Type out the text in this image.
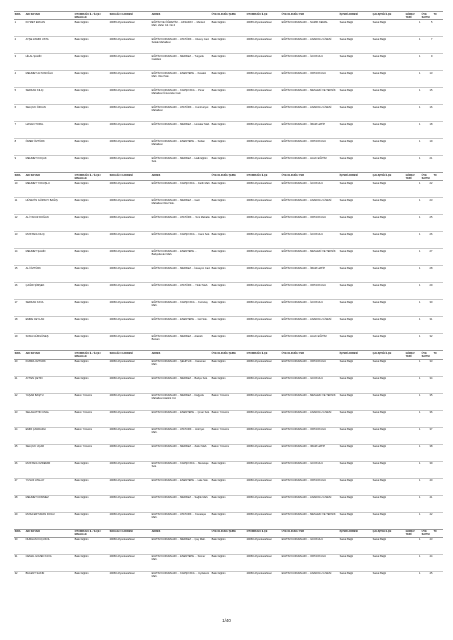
SIRA	ADI SOYADI	OTURDUĞU İL / İLÇE / MAHALLE	SOKAĞI / CADDESİ	ADRES	ÜYE OLDUĞU ŞUBE	OTURDUĞU İLÇE	ÜYE OLDUĞU YER	İŞYERİ ADRESİ	ÇALIŞTIĞI İLÇE	GÖREV YERİ	ÜYE SAYISI	TC
1	KIYMET ERCAN	Bakır Eğitim	29065 Afyonkarahisar	EĞİTİM VE ÖĞRETİM ... AKSARAY ... Merkez Mah. Zafer Cd. No:4	Bakır Eğitim	29065 Afyonkarahisar	EĞİTİM KURUMLARI ... NAMIK KEMAL	Sanat Bağlı	Sanat Bağlı	1	5	
2	AYŞE ZAMIR USTA	Bakır Eğitim	29066 Afyonkarahisar	EĞİTİM KURUMLARI ... ATATÜRK ... Ulusoy Cad. Sokak Mahallesi	Bakır Eğitim	29066 Afyonkarahisar	EĞİTİM KURUMLARI ... ANADOLU LİSESİ	Sanat Bağlı	Sanat Bağlı	1	7	
3	HİLAL ŞAHİN	Bakır Eğitim	29066 Afyonkarahisar	EĞİTİM KURUMLARI ... MERKEZ ... Turgutlu Caddesi	Bakır Eğitim	29066 Afyonkarahisar	EĞİTİM KURUMLARI ... İLKOKULU	Sanat Bağlı	Sanat Bağlı	1	9	
4	MEHMET ALTUNOĞLU	Bakır Eğitim	29066 Afyonkarahisar	EĞİTİM KURUMLARI ... ESENTEPE ... Kavaklı Mah. Okul Sok.	Bakır Eğitim	29066 Afyonkarahisar	EĞİTİM KURUMLARI ... ORTAOKULU	Sanat Bağlı	Sanat Bağlı	1	13	
5	SERKAN KILIÇ	Bakır Eğitim	29066 Afyonkarahisar	EĞİTİM KURUMLARI ... KARŞIYAKA ... Pınar Mahallesi Üniversite Cad.	Bakır Eğitim	29066 Afyonkarahisar	EĞİTİM KURUMLARI ... MESLEKİ VE TEKNİK	Sanat Bağlı	Sanat Bağlı	1	15	
6	SELÇUK ÖZCAN	Bakır Eğitim	29066 Afyonkarahisar	EĞİTİM KURUMLARI ... ATATÜRK ... Cumhuriyet Mahallesi	Bakır Eğitim	29066 Afyonkarahisar	EĞİTİM KURUMLARI ... ANADOLU LİSESİ	Sanat Bağlı	Sanat Bağlı	1	16	
7	HASAN TOPAL	Bakır Eğitim	29066 Afyonkarahisar	EĞİTİM KURUMLARI ... MERKEZ ... Hocalar Mah.	Bakır Eğitim	29066 Afyonkarahisar	EĞİTİM KURUMLARI ... İMAM HATİP	Sanat Bağlı	Sanat Bağlı	1	18	
8	ÖMER ÖZTÜRK	Bakır Eğitim	29066 Afyonkarahisar	EĞİTİM KURUMLARI ... ESENTEPE ... Sultan Mahallesi	Bakır Eğitim	29066 Afyonkarahisar	EĞİTİM KURUMLARI ... ORTAOKULU	Sanat Bağlı	Sanat Bağlı	1	19	
9	MEHMET KOÇAK	Bakır Eğitim	29066 Afyonkarahisar	EĞİTİM KURUMLARI ... MERKEZ ... Halk Eğitim Sok.	Bakır Eğitim	29066 Afyonkarahisar	EĞİTİM KURUMLARI ... HALK EĞİTİM	Sanat Bağlı	Sanat Bağlı	1	21	
SIRA	ADI SOYADI	OTURDUĞU İL / İLÇE / MAHALLE	SOKAĞI / CADDESİ	ADRES	ÜYE OLDUĞU ŞUBE	OTURDUĞU İLÇE	ÜYE OLDUĞU YER	İŞYERİ ADRESİ	ÇALIŞTIĞI İLÇE	GÖREV YERİ	ÜYE SAYISI	TC
10	MEHMET YOKUŞLU	Bakır Eğitim	29066 Afyonkarahisar	EĞİTİM KURUMLARI ... KARŞIYAKA ... Fatih Mah.	Bakır Eğitim	29066 Afyonkarahisar	EĞİTİM KURUMLARI ... İLKOKULU	Sanat Bağlı	Sanat Bağlı	1	22	
11	HÜSEYİN GÜRSOY BAĞIŞ	Bakır Eğitim	29066 Afyonkarahisar	EĞİTİM KURUMLARI ... MERKEZ ... Gazi Mahallesi Okul Sok.	Bakır Eğitim	29066 Afyonkarahisar	EĞİTİM KURUMLARI ... ANADOLU LİSESİ	Sanat Bağlı	Sanat Bağlı	1	23	
12	ALİ YAVUZ DOĞAN	Bakır Eğitim	29066 Afyonkarahisar	EĞİTİM KURUMLARI ... ATATÜRK ... Yeni Mahalle	Bakır Eğitim	29066 Afyonkarahisar	EĞİTİM KURUMLARI ... ORTAOKULU	Sanat Bağlı	Sanat Bağlı	1	25	
13	MUSTAFA KILIÇ	Bakır Eğitim	29066 Afyonkarahisar	EĞİTİM KURUMLARI ... KARŞIYAKA ... Cami Sok.	Bakır Eğitim	29066 Afyonkarahisar	EĞİTİM KURUMLARI ... İLKOKULU	Sanat Bağlı	Sanat Bağlı	1	26	
14	MEHMET ŞAHİN	Bakır Eğitim	29066 Afyonkarahisar	EĞİTİM KURUMLARI ... ESENTEPE ... Bahçelievler Mah.	Bakır Eğitim	29066 Afyonkarahisar	EĞİTİM KURUMLARI ... MESLEKİ VE TEKNİK	Sanat Bağlı	Sanat Bağlı	1	27	
15	ALİ ÖZTÜRK	Bakır Eğitim	29066 Afyonkarahisar	EĞİTİM KURUMLARI ... MERKEZ ... İstasyon Cad.	Bakır Eğitim	29066 Afyonkarahisar	EĞİTİM KURUMLARI ... İMAM HATİP	Sanat Bağlı	Sanat Bağlı	1	28	
16	ÇAĞRI ŞİMŞEK	Bakır Eğitim	29066 Afyonkarahisar	EĞİTİM KURUMLARI ... ATATÜRK ... Yıldız Mah.	Bakır Eğitim	29066 Afyonkarahisar	EĞİTİM KURUMLARI ... ORTAOKULU	Sanat Bağlı	Sanat Bağlı	1	29	
17	SERKAN KAYA	Bakır Eğitim	29066 Afyonkarahisar	EĞİTİM KURUMLARI ... KARŞIYAKA ... Kurtuluş Mah.	Bakır Eğitim	29066 Afyonkarahisar	EĞİTİM KURUMLARI ... İLKOKULU	Sanat Bağlı	Sanat Bağlı	1	30	
18	EMRE CEYLAN	Bakır Eğitim	29066 Afyonkarahisar	EĞİTİM KURUMLARI ... ESENTEPE ... Gül Sok.	Bakır Eğitim	29066 Afyonkarahisar	EĞİTİM KURUMLARI ... ANADOLU LİSESİ	Sanat Bağlı	Sanat Bağlı	1	31	
19	SONA GÜRGÜNEŞ	Bakır Eğitim	29066 Afyonkarahisar	EĞİTİM KURUMLARI ... MERKEZ ... Atatürk Bulvarı	Bakır Eğitim	29066 Afyonkarahisar	EĞİTİM KURUMLARI ... HALK EĞİTİM	Sanat Bağlı	Sanat Bağlı	1	32	
SIRA	ADI SOYADI	OTURDUĞU İL / İLÇE / MAHALLE	SOKAĞI / CADDESİ	ADRES	ÜYE OLDUĞU ŞUBE	OTURDUĞU İLÇE	ÜYE OLDUĞU YER	İŞYERİ ADRESİ	ÇALIŞTIĞI İLÇE	GÖREV YERİ	ÜYE SAYISI	TC
20	KÜBRA ÖZTÜRK	Bakır Eğitim	29066 Afyonkarahisar	EĞİTİM KURUMLARI ... ŞEHİTLİK ... Karaman Mah.	Bakır Eğitim	29066 Afyonkarahisar	EĞİTİM KURUMLARI ... ORTAOKULU	Sanat Bağlı	Sanat Bağlı	1	33	
21	AYTEN ÇETİN	Bakır Eğitim	29066 Afyonkarahisar	EĞİTİM KURUMLARI ... MERKEZ ... Bahçe Sok.	Bakır Eğitim	29066 Afyonkarahisar	EĞİTİM KURUMLARI ... İLKOKULU	Sanat Bağlı	Sanat Bağlı	1	34	
22	YAŞAR BAŞTÜ	Bakım Yönetim	29066 Afyonkarahisar	EĞİTİM KURUMLARI ... MERKEZ ... Dağyolu Mahallesi Atatürk Cd.	Bakım Yönetim	29066 Afyonkarahisar	EĞİTİM KURUMLARI ... MESLEKİ VE TEKNİK	Sanat Bağlı	Sanat Bağlı	1	35	
23	SELAHATTİN ÜNAL	Bakım Yönetim	29066 Afyonkarahisar	EĞİTİM KURUMLARI ... ESENTEPE ... Çınar Sok.	Bakım Yönetim	29066 Afyonkarahisar	EĞİTİM KURUMLARI ... ANADOLU LİSESİ	Sanat Bağlı	Sanat Bağlı	1	36	
24	EMİR ÇANDARLI	Bakım Yönetim	29066 Afyonkarahisar	EĞİTİM KURUMLARI ... ATATÜRK ... Hürriyet Mah.	Bakım Yönetim	29066 Afyonkarahisar	EĞİTİM KURUMLARI ... ORTAOKULU	Sanat Bağlı	Sanat Bağlı	1	37	
25	SELÇUK UÇAR	Bakım Yönetim	29066 Afyonkarahisar	EĞİTİM KURUMLARI ... MERKEZ ... Zafer Mah.	Bakım Yönetim	29066 Afyonkarahisar	EĞİTİM KURUMLARI ... İMAM HATİP	Sanat Bağlı	Sanat Bağlı	1	38	
26	MUSTAFA ÖZDEMİR	Bakır Eğitim	29066 Afyonkarahisar	EĞİTİM KURUMLARI ... KARŞIYAKA ... Menekşe Sok.	Bakır Eğitim	29066 Afyonkarahisar	EĞİTİM KURUMLARI ... İLKOKULU	Sanat Bağlı	Sanat Bağlı	1	39	
27	YUSUF ATALAY	Bakır Eğitim	29066 Afyonkarahisar	EĞİTİM KURUMLARI ... ESENTEPE ... Lale Sok.	Bakır Eğitim	29066 Afyonkarahisar	EĞİTİM KURUMLARI ... ORTAOKULU	Sanat Bağlı	Sanat Bağlı	1	40	
28	MEHMET DÖNMEZ	Bakır Eğitim	29066 Afyonkarahisar	EĞİTİM KURUMLARI ... MERKEZ ... Sağlık Mah.	Bakır Eğitim	29066 Afyonkarahisar	EĞİTİM KURUMLARI ... ANADOLU LİSESİ	Sanat Bağlı	Sanat Bağlı	1	41	
29	MUSA ERTURAN DÖĞÜ	Bakır Eğitim	29066 Afyonkarahisar	EĞİTİM KURUMLARI ... ATATÜRK ... Kocatepe Mah.	Bakır Eğitim	29066 Afyonkarahisar	EĞİTİM KURUMLARI ... MESLEKİ VE TEKNİK	Sanat Bağlı	Sanat Bağlı	1	42	
SIRA	ADI SOYADI	OTURDUĞU İL / İLÇE / MAHALLE	SOKAĞI / CADDESİ	ADRES	ÜYE OLDUĞU ŞUBE	OTURDUĞU İLÇE	ÜYE OLDUĞU YER	İŞYERİ ADRESİ	ÇALIŞTIĞI İLÇE	GÖREV YERİ	ÜYE SAYISI	TC
30	NURHAN KÜÇÜKOL	Bakır Eğitim	29066 Afyonkarahisar	EĞİTİM KURUMLARI ... MERKEZ ... Çay Mah.	Bakır Eğitim	29066 Afyonkarahisar	EĞİTİM KURUMLARI ... İLKOKULU	Sanat Bağlı	Sanat Bağlı	1	43	
31	CEMAL GÖZEN KAYA	Bakır Eğitim	29066 Afyonkarahisar	EĞİTİM KURUMLARI ... ESENTEPE ... Sümer Mah.	Bakır Eğitim	29066 Afyonkarahisar	EĞİTİM KURUMLARI ... ORTAOKULU	Sanat Bağlı	Sanat Bağlı	1	44	
32	BÜLENT SAKIN	Bakır Eğitim	29066 Afyonkarahisar	EĞİTİM KURUMLARI ... KARŞIYAKA ... Uydukent Mah.	Bakır Eğitim	29066 Afyonkarahisar	EĞİTİM KURUMLARI ... ANADOLU LİSESİ	Sanat Bağlı	Sanat Bağlı	1	45	
1/40
